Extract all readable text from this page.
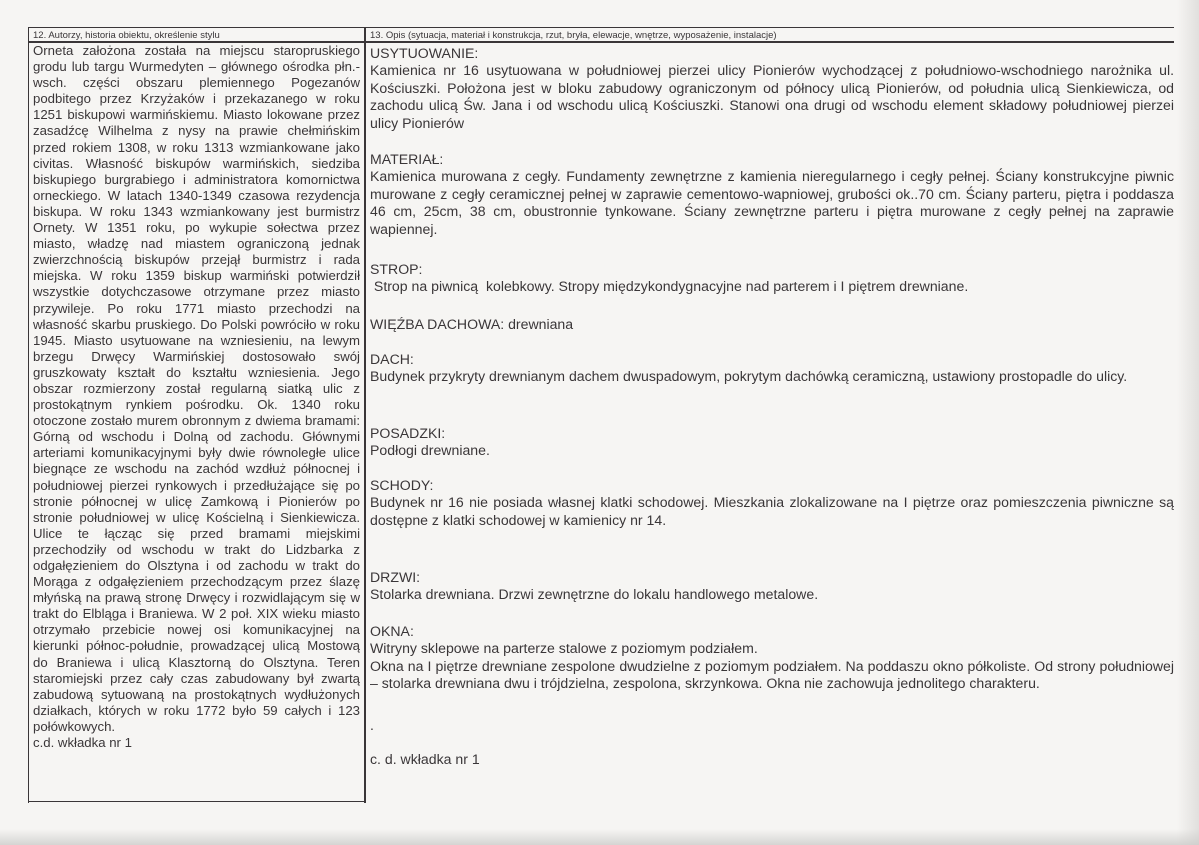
12. Autorzy, historia obiektu, określenie stylu	13. Opis (sytuacja, materiał i konstrukcja, rzut, bryła, elewacje, wnętrze, wyposażenie, instalacje)
Orneta założona została na miejscu staropruskiego grodu lub targu Wurmedyten – głównego ośrodka płn.-wsch. części obszaru plemiennego Pogezanów podbitego przez Krzyżaków i przekazanego w roku 1251 biskupowi warmińskiemu. Miasto lokowane przez zasadźcę Wilhelma z nysy na prawie chełmińskim przed rokiem 1308, w roku 1313 wzmiankowane jako civitas. Własność biskupów warmińskich, siedziba biskupiego burgrabiego i administratora komornictwa orneckiego. W latach 1340-1349 czasowa rezydencja biskupa. W roku 1343 wzmiankowany jest burmistrz Ornety. W 1351 roku, po wykupie sołectwa przez miasto, władzę nad miastem ograniczoną jednak zwierzchnością biskupów przejął burmistrz i rada miejska. W roku 1359 biskup warmiński potwierdził wszystkie dotychczasowe otrzymane przez miasto przywileje. Po roku 1771 miasto przechodzi na własność skarbu pruskiego. Do Polski powróciło w roku 1945. Miasto usytuowane na wzniesieniu, na lewym brzegu Drwęcy Warmińskiej dostosowało swój gruszkowaty kształt do kształtu wzniesienia. Jego obszar rozmierzony został regularną siatką ulic z prostokątnym rynkiem pośrodku. Ok. 1340 roku otoczone zostało murem obronnym z dwiema bramami: Górną od wschodu i Dolną od zachodu. Głównymi arteriami komunikacyjnymi były dwie równoległe ulice biegnące ze wschodu na zachód wzdłuż północnej i południowej pierzei rynkowych i przedłużające się po stronie północnej w ulicę Zamkową i Pionierów po stronie południowej w ulicę Kościelną i Sienkiewicza. Ulice te łącząc się przed bramami miejskimi przechodziły od wschodu w trakt do Lidzbarka z odgałęzieniem do Olsztyna i od zachodu w trakt do Morąga z odgałęzieniem przechodzącym przez ślazę młyńską na prawą stronę Drwęcy i rozwidlającym się w trakt do Elbląga i Braniewa. W 2 poł. XIX wieku miasto otrzymało przebicie nowej osi komunikacyjnej na kierunki północ-południe, prowadzącej ulicą Mostową do Braniewa i ulicą Klasztorną do Olsztyna. Teren staromiejski przez cały czas zabudowany był zwartą zabudową sytuowaną na prostokątnych wydłużonych działkach, których w roku 1772 było 59 całych i 123 połówkowych.
c.d. wkładka nr 1
USYTUOWANIE:

Kamienica nr 16 usytuowana w południowej pierzei ulicy Pionierów wychodzącej z południowo-wschodniego narożnika ul. Kościuszki. Położona jest w bloku zabudowy ograniczonym od północy ulicą Pionierów, od południa ulicą Sienkiewicza, od zachodu ulicą Św. Jana i od wschodu ulicą Kościuszki. Stanowi ona drugi od wschodu element składowy południowej pierzei ulicy Pionierów

MATERIAŁ:

Kamienica murowana z cegły. Fundamenty zewnętrzne z kamienia nieregularnego i cegły pełnej. Ściany konstrukcyjne piwnic murowane z cegły ceramicznej pełnej w zaprawie cementowo-wapniowej, grubości ok..70 cm. Ściany parteru, piętra i poddasza 46 cm, 25cm, 38 cm, obustronnie tynkowane. Ściany zewnętrzne parteru i piętra murowane z cegły pełnej na zaprawie wapiennej.

STROP:

Strop na piwnicą  kolebkowy. Stropy międzykondygnacyjne nad parterem i I piętrem drewniane.

WIĘŹBA DACHOWA: drewniana
DACH:

Budynek przykryty drewnianym dachem dwuspadowym, pokrytym dachówką ceramiczną, ustawiony prostopadle do ulicy.

POSADZKI:

Podłogi drewniane.

SCHODY:

Budynek nr 16 nie posiada własnej klatki schodowej. Mieszkania zlokalizowane na I piętrze oraz pomieszczenia piwniczne są dostępne z klatki schodowej w kamienicy nr 14.

DRZWI:

Stolarka drewniana. Drzwi zewnętrzne do lokalu handlowego metalowe.

OKNA:

Witryny sklepowe na parterze stalowe z poziomym podziałem.

Okna na I piętrze drewniane zespolone dwudzielne z poziomym podziałem. Na poddaszu okno półkoliste. Od strony południowej – stolarka drewniana dwu i trójdzielna, zespolona, skrzynkowa. Okna nie zachowuja jednolitego charakteru.

.
c. d. wkładka nr 1
